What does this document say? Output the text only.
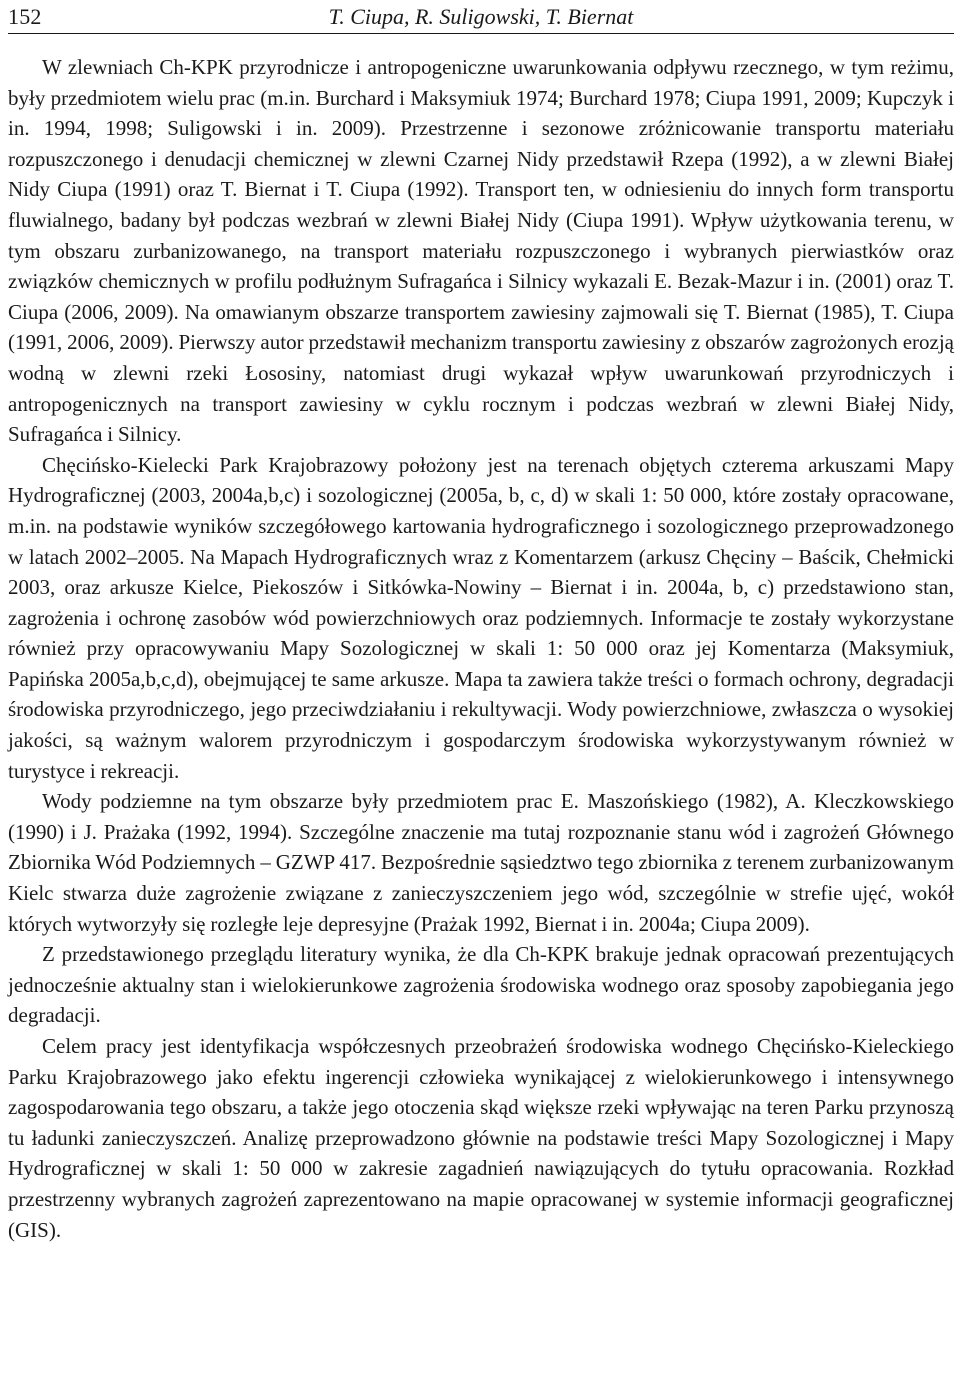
152	T. Ciupa, R. Suligowski, T. Biernat

W zlewniach Ch-KPK przyrodnicze i antropogeniczne uwarunkowania odpływu rzecznego, w tym reżimu, były przedmiotem wielu prac (m.in. Burchard i Maksymiuk 1974; Burchard 1978; Ciupa 1991, 2009; Kupczyk i in. 1994, 1998; Suligowski i in. 2009). Przestrzenne i sezonowe zróżnicowanie transportu materiału rozpuszczonego i denudacji chemicznej w zlewni Czarnej Nidy przedstawił Rzepa (1992), a w zlewni Białej Nidy Ciupa (1991) oraz T. Biernat i T. Ciupa (1992). Transport ten, w odniesieniu do innych form transportu fluwialnego, badany był podczas wezbrań w zlewni Białej Nidy (Ciupa 1991). Wpływ użytkowania terenu, w tym obszaru zurbanizowanego, na transport materiału rozpuszczonego i wybranych pierwiastków oraz związków chemicznych w profilu podłużnym Sufragańca i Silnicy wykazali E. Bezak-Mazur i in. (2001) oraz T. Ciupa (2006, 2009). Na omawianym obszarze transportem zawiesiny zajmowali się T. Biernat (1985), T. Ciupa (1991, 2006, 2009). Pierwszy autor przedstawił mechanizm transportu zawiesiny z obszarów zagrożonych erozją wodną w zlewni rzeki Łososiny, natomiast drugi wykazał wpływ uwarunkowań przyrodniczych i antropogenicznych na transport zawiesiny w cyklu rocznym i podczas wezbrań w zlewni Białej Nidy, Sufragańca i Silnicy.

Chęcińsko-Kielecki Park Krajobrazowy położony jest na terenach objętych czterema arkuszami Mapy Hydrograficznej (2003, 2004a,b,c) i sozologicznej (2005a, b, c, d) w skali 1: 50 000, które zostały opracowane, m.in. na podstawie wyników szczegółowego kartowania hydrograficznego i sozologicznego przeprowadzonego w latach 2002–2005. Na Mapach Hydrograficznych wraz z Komentarzem (arkusz Chęciny – Baścik, Chełmicki 2003, oraz arkusze Kielce, Piekoszów i Sitkówka-Nowiny – Biernat i in. 2004a, b, c) przedstawiono stan, zagrożenia i ochronę zasobów wód powierzchniowych oraz podziemnych. Informacje te zostały wykorzystane również przy opracowywaniu Mapy Sozologicznej w skali 1: 50 000 oraz jej Komentarza (Maksymiuk, Papińska 2005a,b,c,d), obejmującej te same arkusze. Mapa ta zawiera także treści o formach ochrony, degradacji środowiska przyrodniczego, jego przeciwdziałaniu i rekultywacji. Wody powierzchniowe, zwłaszcza o wysokiej jakości, są ważnym walorem przyrodniczym i gospodarczym środowiska wykorzystywanym również w turystyce i rekreacji.

Wody podziemne na tym obszarze były przedmiotem prac E. Maszońskiego (1982), A. Kleczkowskiego (1990) i J. Prażaka (1992, 1994). Szczególne znaczenie ma tutaj rozpoznanie stanu wód i zagrożeń Głównego Zbiornika Wód Podziemnych – GZWP 417. Bezpośrednie sąsiedztwo tego zbiornika z terenem zurbanizowanym Kielc stwarza duże zagrożenie związane z zanieczyszczeniem jego wód, szczególnie w strefie ujęć, wokół których wytworzyły się rozległe leje depresyjne (Prażak 1992, Biernat i in. 2004a; Ciupa 2009).

Z przedstawionego przeglądu literatury wynika, że dla Ch-KPK brakuje jednak opracowań prezentujących jednocześnie aktualny stan i wielokierunkowe zagrożenia środowiska wodnego oraz sposoby zapobiegania jego degradacji.

Celem pracy jest identyfikacja współczesnych przeobrażeń środowiska wodnego Chęcińsko-Kieleckiego Parku Krajobrazowego jako efektu ingerencji człowieka wynikającej z wielokierunkowego i intensywnego zagospodarowania tego obszaru, a także jego otoczenia skąd większe rzeki wpływając na teren Parku przynoszą tu ładunki zanieczyszczeń. Analizę przeprowadzono głównie na podstawie treści Mapy Sozologicznej i Mapy Hydrograficznej w skali 1: 50 000 w zakresie zagadnień nawiązujących do tytułu opracowania. Rozkład przestrzenny wybranych zagrożeń zaprezentowano na mapie opracowanej w systemie informacji geograficznej (GIS).
